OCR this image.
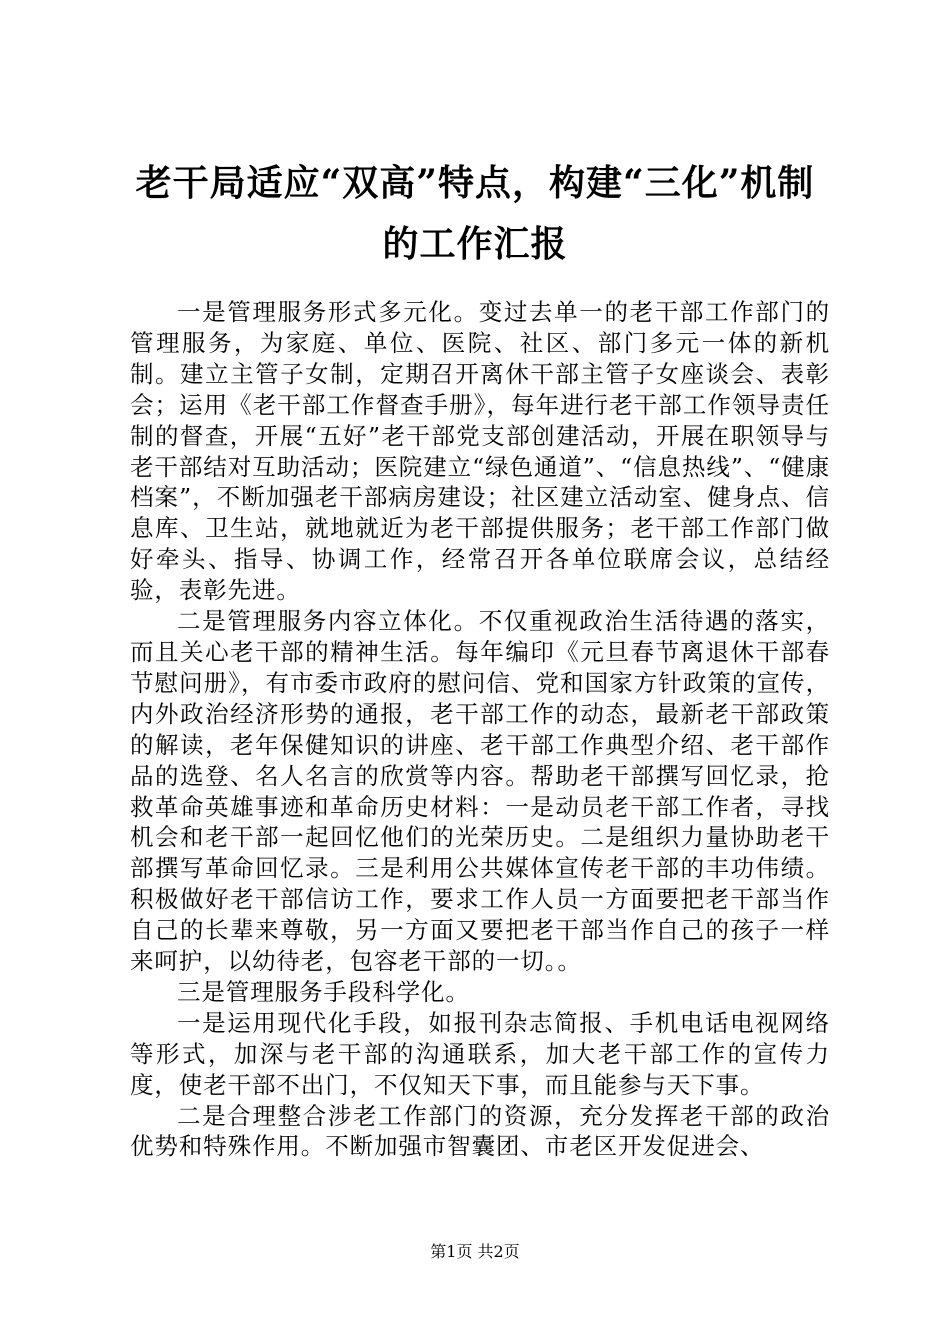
老干局适应“双高”特点，构建“三化”机制
的工作汇报

一是管理服务形式多元化。变过去单一的老干部工作部门的管理服务，为家庭、单位、医院、社区、部门多元一体的新机制。建立主管子女制，定期召开离休干部主管子女座谈会、表彰会；运用《老干部工作督查手册》，每年进行老干部工作领导责任制的督查，开展“五好”老干部党支部创建活动，开展在职领导与老干部结对互助活动；医院建立“绿色通道”、“信息热线”、“健康档案”，不断加强老干部病房建设；社区建立活动室、健身点、信息库、卫生站，就地就近为老干部提供服务；老干部工作部门做好牵头、指导、协调工作，经常召开各单位联席会议，总结经验，表彰先进。

二是管理服务内容立体化。不仅重视政治生活待遇的落实，而且关心老干部的精神生活。每年编印《元旦春节离退休干部春节慰问册》，有市委市政府的慰问信、党和国家方针政策的宣传，内外政治经济形势的通报，老干部工作的动态，最新老干部政策的解读，老年保健知识的讲座、老干部工作典型介绍、老干部作品的选登、名人名言的欣赏等内容。帮助老干部撰写回忆录，抢救革命英雄事迹和革命历史材料：一是动员老干部工作者，寻找机会和老干部一起回忆他们的光荣历史。二是组织力量协助老干部撰写革命回忆录。三是利用公共媒体宣传老干部的丰功伟绩。积极做好老干部信访工作，要求工作人员一方面要把老干部当作自己的长辈来尊敬，另一方面又要把老干部当作自己的孩子一样来呵护，以幼待老，包容老干部的一切。。

三是管理服务手段科学化。

一是运用现代化手段，如报刊杂志简报、手机电话电视网络等形式，加深与老干部的沟通联系，加大老干部工作的宣传力度，使老干部不出门，不仅知天下事，而且能参与天下事。

二是合理整合涉老工作部门的资源，充分发挥老干部的政治优势和特殊作用。不断加强市智囊团、市老区开发促进会、

第1页 共2页
